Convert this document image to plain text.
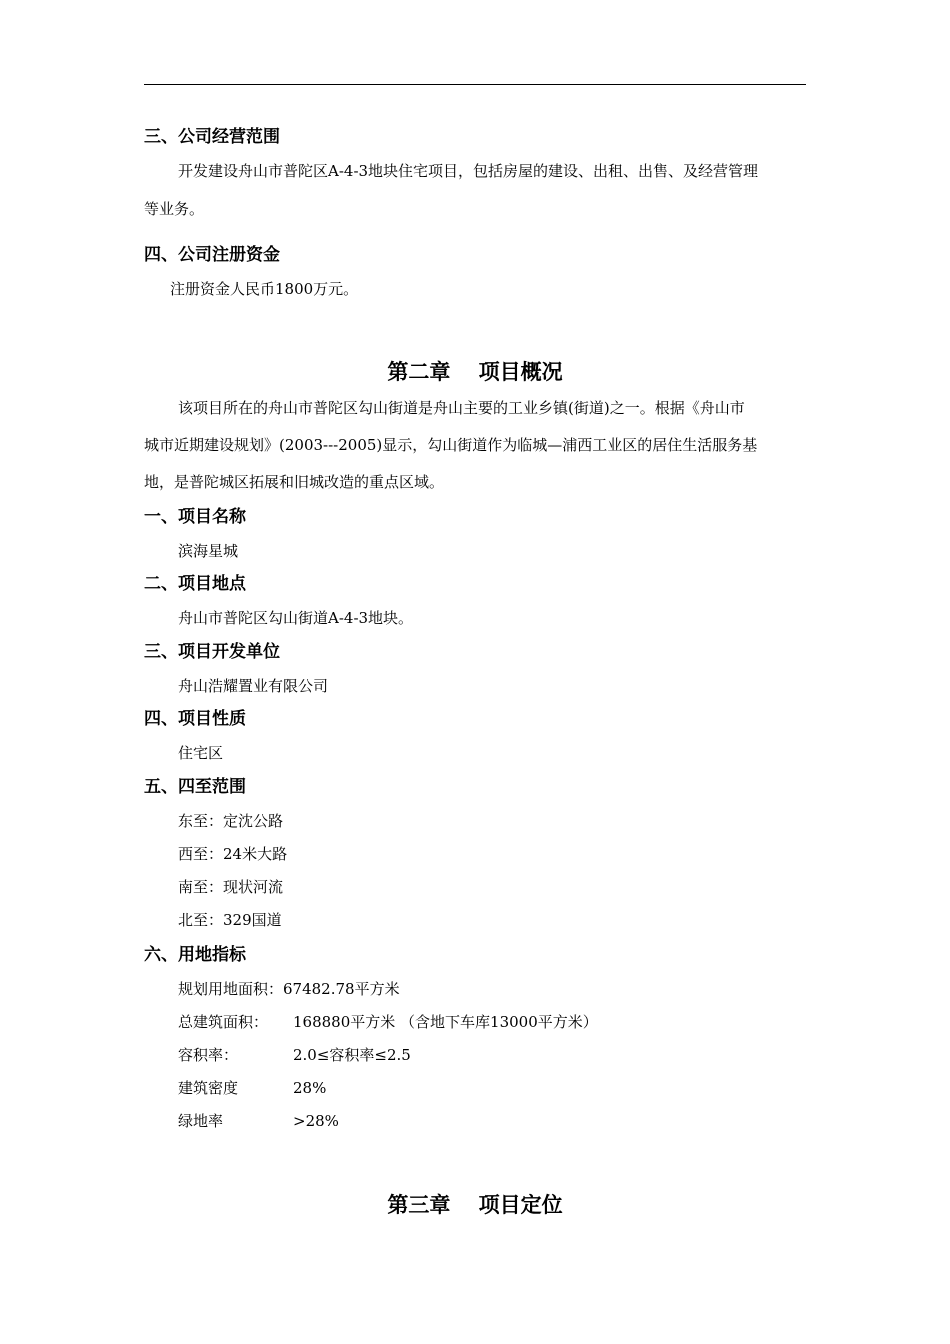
三、公司经营范围
开发建设舟山市普陀区A-4-3地块住宅项目，包括房屋的建设、出租、出售、及经营管理
等业务。
四、公司注册资金
注册资金人民币1800万元。
第二章　 项目概况
该项目所在的舟山市普陀区勾山街道是舟山主要的工业乡镇(街道)之一。根据《舟山市
城市近期建设规划》(2003---2005)显示，勾山街道作为临城—浦西工业区的居住生活服务基
地，是普陀城区拓展和旧城改造的重点区域。
一、项目名称
滨海星城
二、项目地点
舟山市普陀区勾山街道A-4-3地块。
三、项目开发单位
舟山浩耀置业有限公司
四、项目性质
住宅区
五、四至范围
东至：定沈公路
西至：24米大路
南至：现状河流
北至：329国道
六、用地指标
规划用地面积：67482.78平方米
总建筑面积： 168880平方米 （含地下车库13000平方米）
容积率：	2.0≤容积率≤2.5
建筑密度	28%
绿地率	>28%
第三章　 项目定位
